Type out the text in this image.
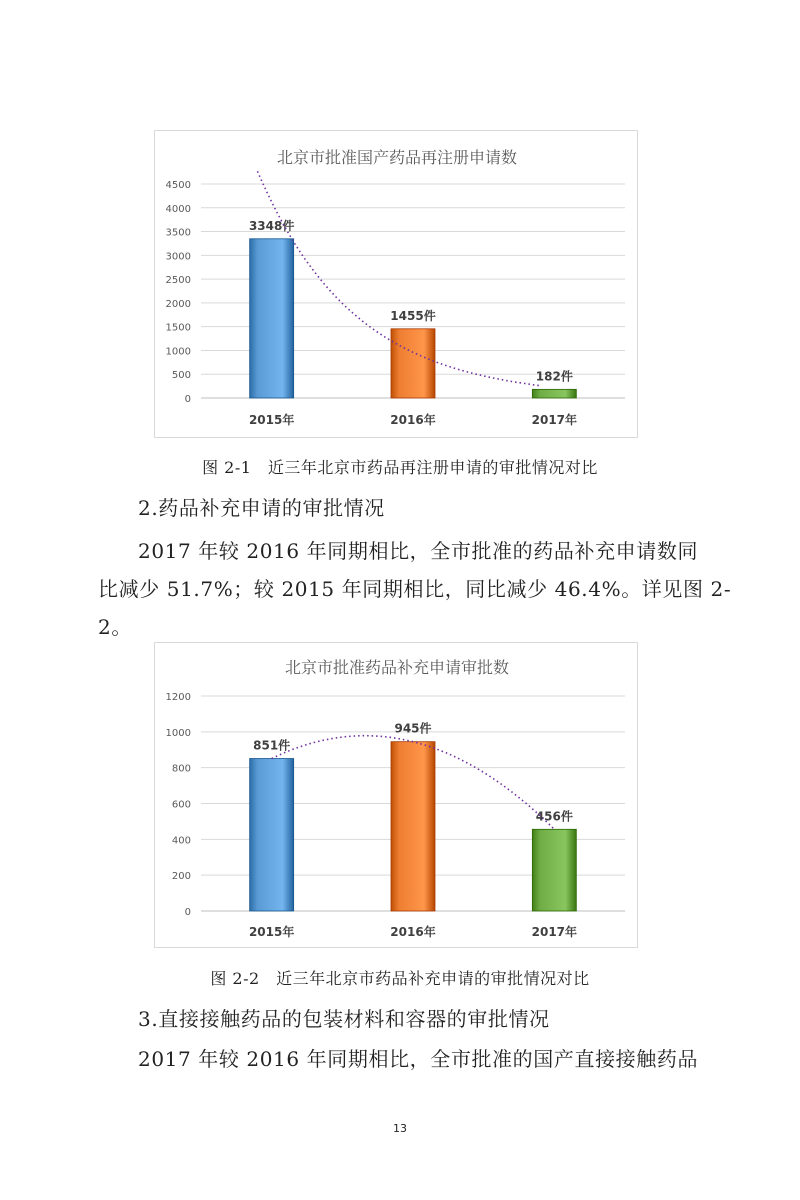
北京市批准国产药品再注册申请数
0
500
1000
1500
2000
2500
3000
3500
4000
4500
3348件
2015年
1455件
2016年
182件
2017年
图 2-1　近三年北京市药品再注册申请的审批情况对比
2.药品补充申请的审批情况
2017 年较 2016 年同期相比，全市批准的药品补充申请数同
比减少 51.7%；较 2015 年同期相比，同比减少 46.4%。详见图 2-
2。
北京市批准药品补充申请审批数
0
200
400
600
800
1000
1200
851件
2015年
945件
2016年
456件
2017年
图 2-2　近三年北京市药品补充申请的审批情况对比
3.直接接触药品的包装材料和容器的审批情况
2017 年较 2016 年同期相比，全市批准的国产直接接触药品
13
